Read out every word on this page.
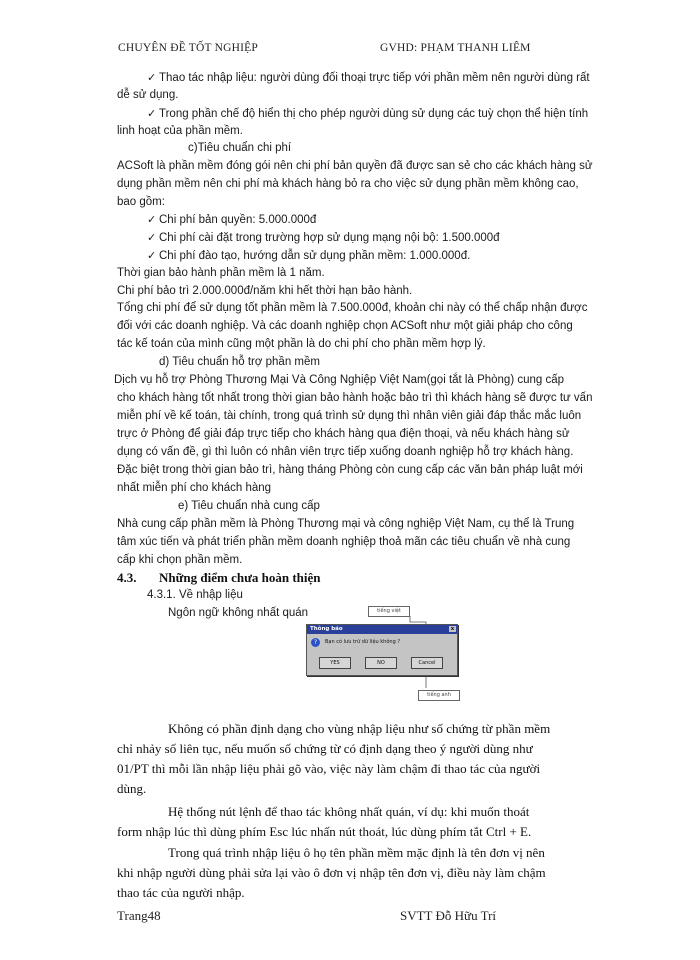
CHUYÊN ĐỀ TỐT NGHIỆP	GVHD: PHẠM THANH LIÊM
✓ Thao tác nhập liệu: người dùng đối thoại trực tiếp với phần mềm nên người dùng rất
dễ sử dụng.
✓ Trong phần chế độ hiển thị cho phép người dùng sử dụng các tuỳ chọn thể hiện tính
linh hoạt của phần mềm.
c)Tiêu chuẩn chi phí
ACSoft là phần mềm đóng gói nên chi phí bản quyền đã được san sẻ cho các khách hàng sử
dụng phần mềm nên chi phí mà khách hàng bỏ ra cho việc sử dụng phần mềm không cao,
bao gồm:
✓ Chi phí bản quyền: 5.000.000đ
✓ Chi phí cài đặt trong trường hợp sử dụng mạng nội bộ: 1.500.000đ
✓ Chi phí đào tạo, hướng dẫn sử dụng phần mềm: 1.000.000đ.
Thời gian bảo hành phần mềm là 1 năm.
Chi phí bảo trì 2.000.000đ/năm khi hết thời hạn bảo hành.
Tổng chi phí để sử dụng tốt phần mềm là 7.500.000đ, khoản chi này có thể chấp nhận được
đối với các doanh nghiệp. Và các doanh nghiệp chọn ACSoft như một giải pháp cho công
tác kế toán của mình cũng một phần là do chi phí cho phần mềm hợp lý.
d) Tiêu chuẩn hỗ trợ phần mềm
Dịch vụ hỗ trợ Phòng Thương Mại Và Công Nghiệp Việt Nam(gọi tắt là Phòng) cung cấp
cho khách hàng tốt nhất trong thời gian bảo hành hoặc bảo trì thì khách hàng sẽ được tư vấn
miễn phí về kế toán, tài chính, trong quá trình sử dụng thì nhân viên giải đáp thắc mắc luôn
trực ở Phòng để giải đáp trực tiếp cho khách hàng qua điện thoại, và nếu khách hàng sử
dụng có vấn đề, gì thì luôn có nhân viên trực tiếp xuống doanh nghiệp hỗ trợ khách hàng.
Đặc biệt trong thời gian bảo trì, hàng tháng Phòng còn cung cấp các văn bản pháp luật mới
nhất miễn phí cho khách hàng
e) Tiêu chuẩn nhà cung cấp
Nhà cung cấp phần mềm là Phòng Thương mại và công nghiệp Việt Nam, cụ thể là Trung
tâm xúc tiến và phát triển phần mềm doanh nghiệp thoả mãn các tiêu chuẩn về nhà cung
cấp khi chọn phần mềm.
4.3. Những điểm chưa hoàn thiện
4.3.1. Về nhập liệu
Ngôn ngữ không nhất quán	tiếng việt
Thông báo	x
?	Bạn có lưu trữ dữ liệu không ?
YES	NO	Cancel
tiếng anh
Không có phần định dạng cho vùng nhập liệu như số chứng từ phần mềm
chỉ nhảy số liên tục, nếu muốn số chứng từ có định dạng theo ý người dùng như
01/PT thì mỗi lần nhập liệu phải gõ vào, việc này làm chậm đi thao tác của người
dùng.
Hệ thống nút lệnh để thao tác không nhất quán, ví dụ: khi muốn thoát
form nhập lúc thì dùng phím Esc lúc nhấn nút thoát, lúc dùng phím tắt Ctrl + E.
Trong quá trình nhập liệu ô họ tên phần mềm mặc định là tên đơn vị nên
khi nhập người dùng phải sửa lại vào ô đơn vị nhập tên đơn vị, điều này làm chậm
thao tác của người nhập.
Trang48	SVTT Đỗ Hữu Trí
